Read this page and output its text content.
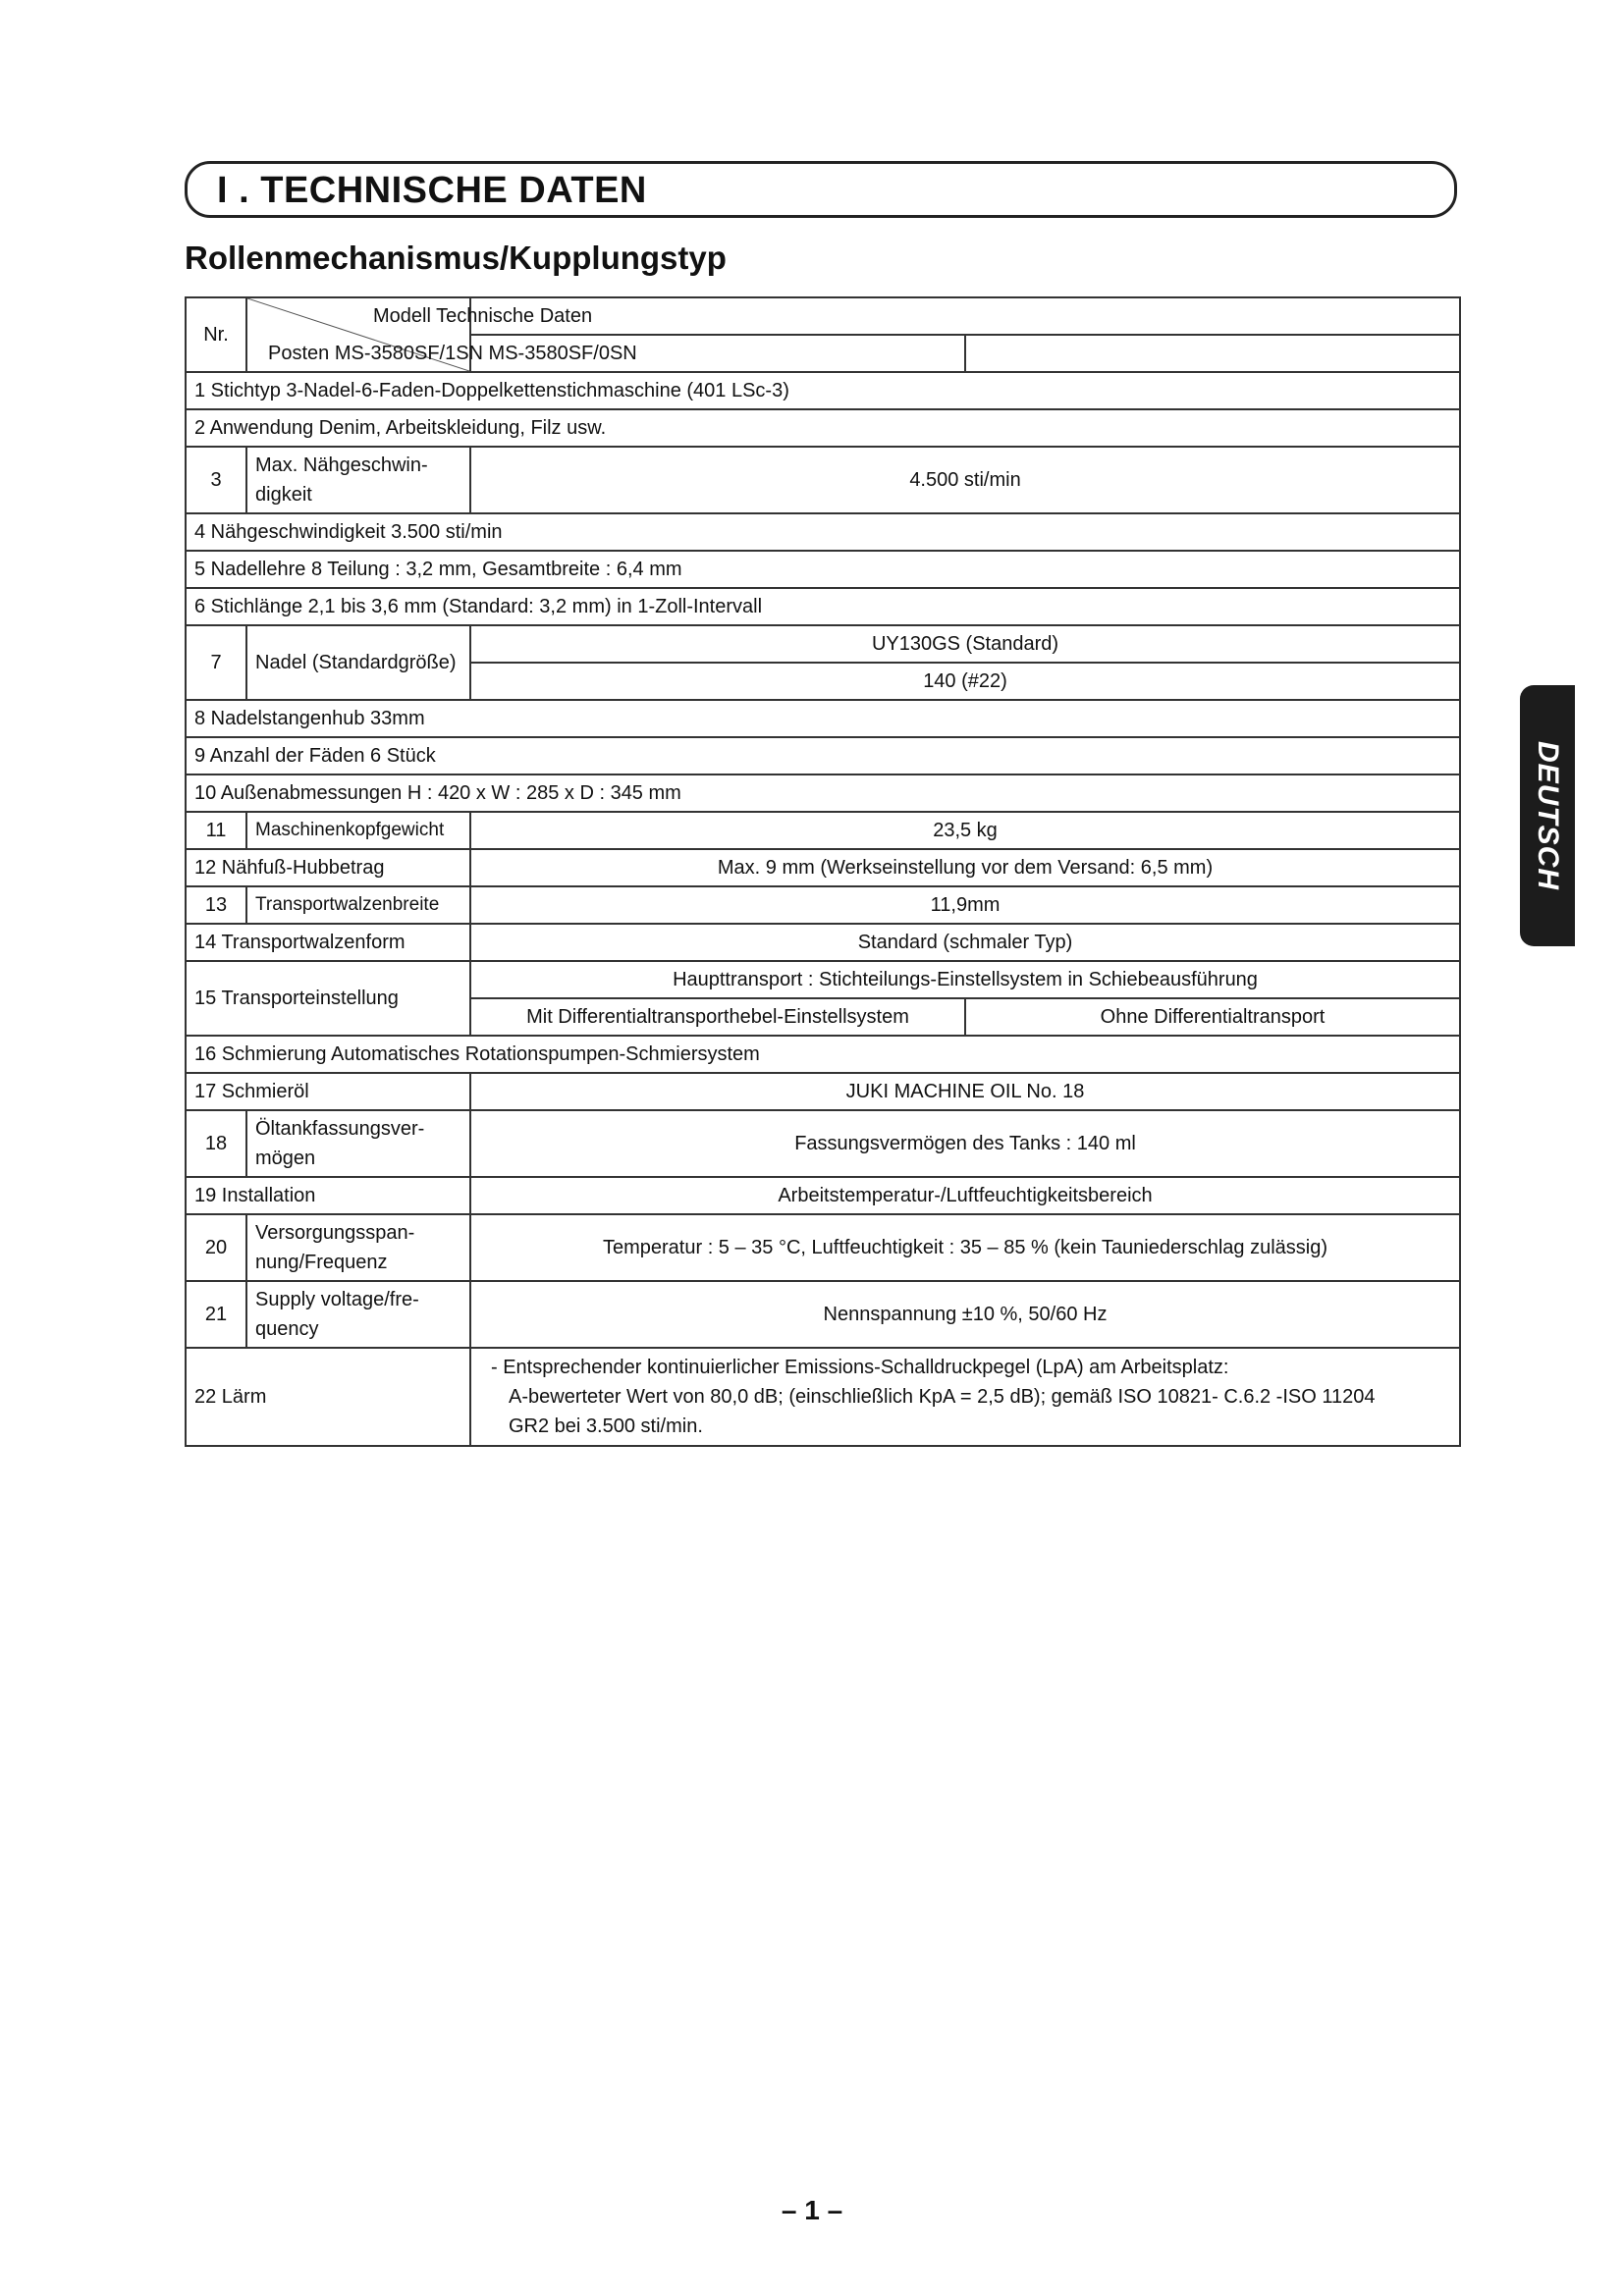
I . TECHNISCHE DATEN
Rollenmechanismus/Kupplungstyp
DEUTSCH
Nr.		Modell Technische Daten	
		Posten MS-3580SF/1SN MS-3580SF/0SN	
1 Stichtyp 3-Nadel-6-Faden-Doppelkettenstichmaschine (401 LSc-3)			
2 Anwendung Denim, Arbeitskleidung, Filz usw.			
3	Max. Nähgeschwin-digkeit	4.500 sti/min	
4 Nähgeschwindigkeit 3.500 sti/min			
5 Nadellehre 8 Teilung : 3,2 mm, Gesamtbreite : 6,4 mm			
6 Stichlänge 2,1 bis 3,6 mm (Standard: 3,2 mm) in 1-Zoll-Intervall			
7	Nadel (Standardgröße)	UY130GS (Standard)	
		140 (#22)	
8 Nadelstangenhub 33mm			
9 Anzahl der Fäden 6 Stück			
10 Außenabmessungen H : 420 x W : 285 x D : 345 mm			
11	Maschinenkopfgewicht	23,5 kg	
12 Nähfuß-Hubbetrag		Max. 9 mm (Werkseinstellung vor dem Versand: 6,5 mm)	
13	Transportwalzenbreite	11,9mm	
14 Transportwalzenform		Standard (schmaler Typ)	
15 Transporteinstellung		Haupttransport : Stichteilungs-Einstellsystem in Schiebeausführung	
		Mit Differentialtransporthebel-Einstellsystem	Ohne Differentialtransport
16 Schmierung Automatisches Rotationspumpen-Schmiersystem			
17 Schmieröl		JUKI MACHINE OIL No. 18	
18	Öltankfassungsver-mögen	Fassungsvermögen des Tanks : 140 ml	
19 Installation		Arbeitstemperatur-/Luftfeuchtigkeitsbereich	
20	Versorgungsspan-nung/Frequenz	Temperatur : 5 – 35 °C, Luftfeuchtigkeit : 35 – 85 % (kein Tauniederschlag zulässig)	
21	Supply voltage/fre-quency	Nennspannung ±10 %, 50/60 Hz	
22 Lärm		- Entsprechender kontinuierlicher Emissions-Schalldruckpegel (LpA) am Arbeitsplatz:
A-bewerteter Wert von 80,0 dB; (einschließlich KpA = 2,5 dB); gemäß ISO 10821- C.6.2 -ISO 11204
GR2 bei 3.500 sti/min.	
– 1 –
